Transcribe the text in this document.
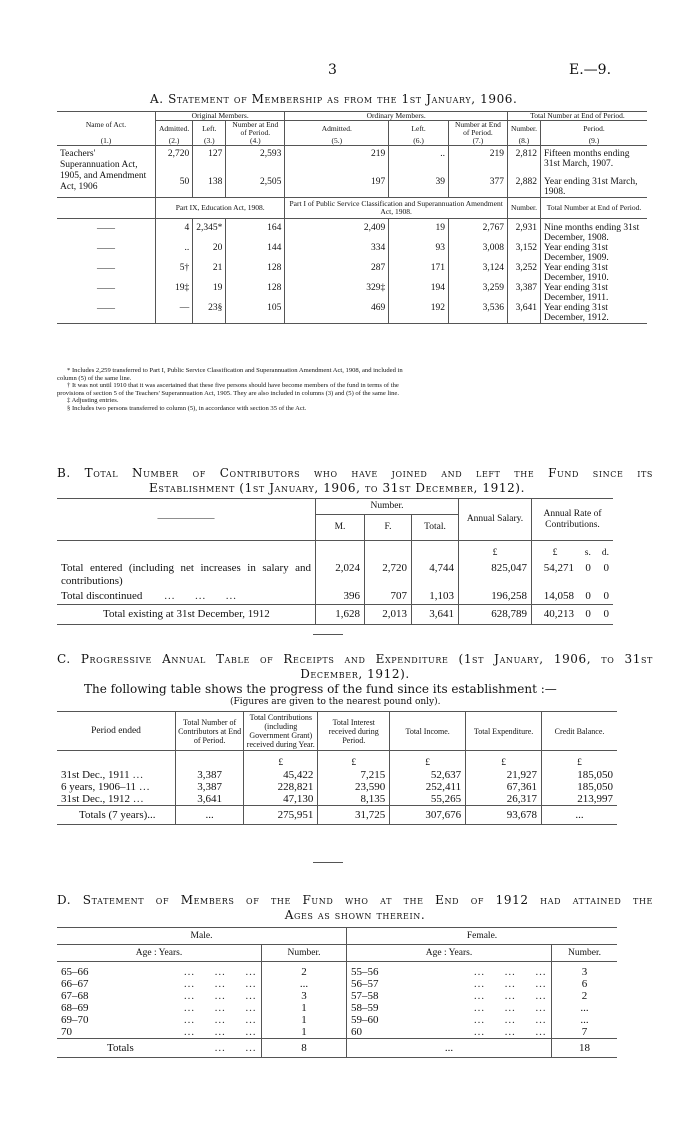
3	E.—9.
A. Statement of Membership as from the 1st January, 1906.
Name of Act.	Original Members.			Ordinary Members.			Total Number at End of Period.	
	Admitted.	Left.	Number at End of Period.	Admitted.	Left.	Number at End of Period.	Number.	Period.
(1.)	(2.)	(3.)	(4.)	(5.)	(6.)	(7.)	(8.)	(9.)
Teachers' Superannuation Act, 1905, and Amendment Act, 1906	2,720	127	2,593	219	..	219	2,812	Fifteen months ending 31st March, 1907.
	50	138	2,505	197	39	377	2,882	Year ending 31st March, 1908.
	Part IX, Education Act, 1908.			Part I of Public Service Classification and Superannuation Amendment Act, 1908.			Number.	Total Number at End of Period.
——	4	2,345*	164	2,409	19	2,767	2,931	Nine months ending 31st December, 1908.
——	..	20	144	334	93	3,008	3,152	Year ending 31st December, 1909.
——	5†	21	128	287	171	3,124	3,252	Year ending 31st December, 1910.
——	19‡	19	128	329‡	194	3,259	3,387	Year ending 31st December, 1911.
——	—	23§	105	469	192	3,536	3,641	Year ending 31st December, 1912.
* Includes 2,259 transferred to Part I, Public Service Classification and Superannuation Amendment Act, 1908, and included in
column (5) of the same line.
† It was not until 1910 that it was ascertained that these five persons should have become members of the fund in terms of the
provisions of section 5 of the Teachers' Superannuation Act, 1905. They are also included in columns (3) and (5) of the same line.
‡ Adjusting entries.
§ Includes two persons transferred to column (5), in accordance with section 35 of the Act.
B. Total Number of Contributors who have joined and left the Fund since its
Establishment (1st January, 1906, to 31st December, 1912).
——————	Number.			Annual Salary.	Annual Rate of Contributions.		
	M.	F.	Total.				
				£	£	s.	d.
Total entered (including net increases in salary and contributions)	2,024	2,720	4,744	825,047	54,271	0	0
Total discontinued      …     …     …	396	707	1,103	196,258	14,058	0	0
Total existing at 31st December, 1912	1,628	2,013	3,641	628,789	40,213	0	0
C. Progressive Annual Table of Receipts and Expenditure (1st January, 1906, to 31st
December, 1912).
The following table shows the progress of the fund since its establishment :—
(Figures are given to the nearest pound only).
Period ended	Total Number of Contributors at End of Period.	Total Contributions (including Government Grant) received during Year.	Total Interest received during Period.	Total Income.	Total Expenditure.	Credit Balance.
		£	£	£	£	£
31st Dec., 1911 …	3,387	45,422	7,215	52,637	21,927	185,050
6 years, 1906–11 …	3,387	228,821	23,590	252,411	67,361	185,050
31st Dec., 1912 …	3,641	47,130	8,135	55,265	26,317	213,997
Totals (7 years)...	...	275,951	31,725	307,676	93,678	...
D. Statement of Members of the Fund who at the End of 1912 had attained the
Ages as shown therein.
Male.		Female.	
Age : Years.	Number.	Age : Years.	Number.
65–66 …     …     …	2	55–56 …     …     …	3
66–67 …     …     …	...	56–57 …     …     …	6
67–68 …     …     …	3	57–58 …     …     …	2
68–69 …     …     …	1	58–59 …     …     …	...
69–70 …     …     …	1	59–60 …     …     …	...
70 …     …     …	1	60 …     …     …	7
Totals …     …	8	...	18
